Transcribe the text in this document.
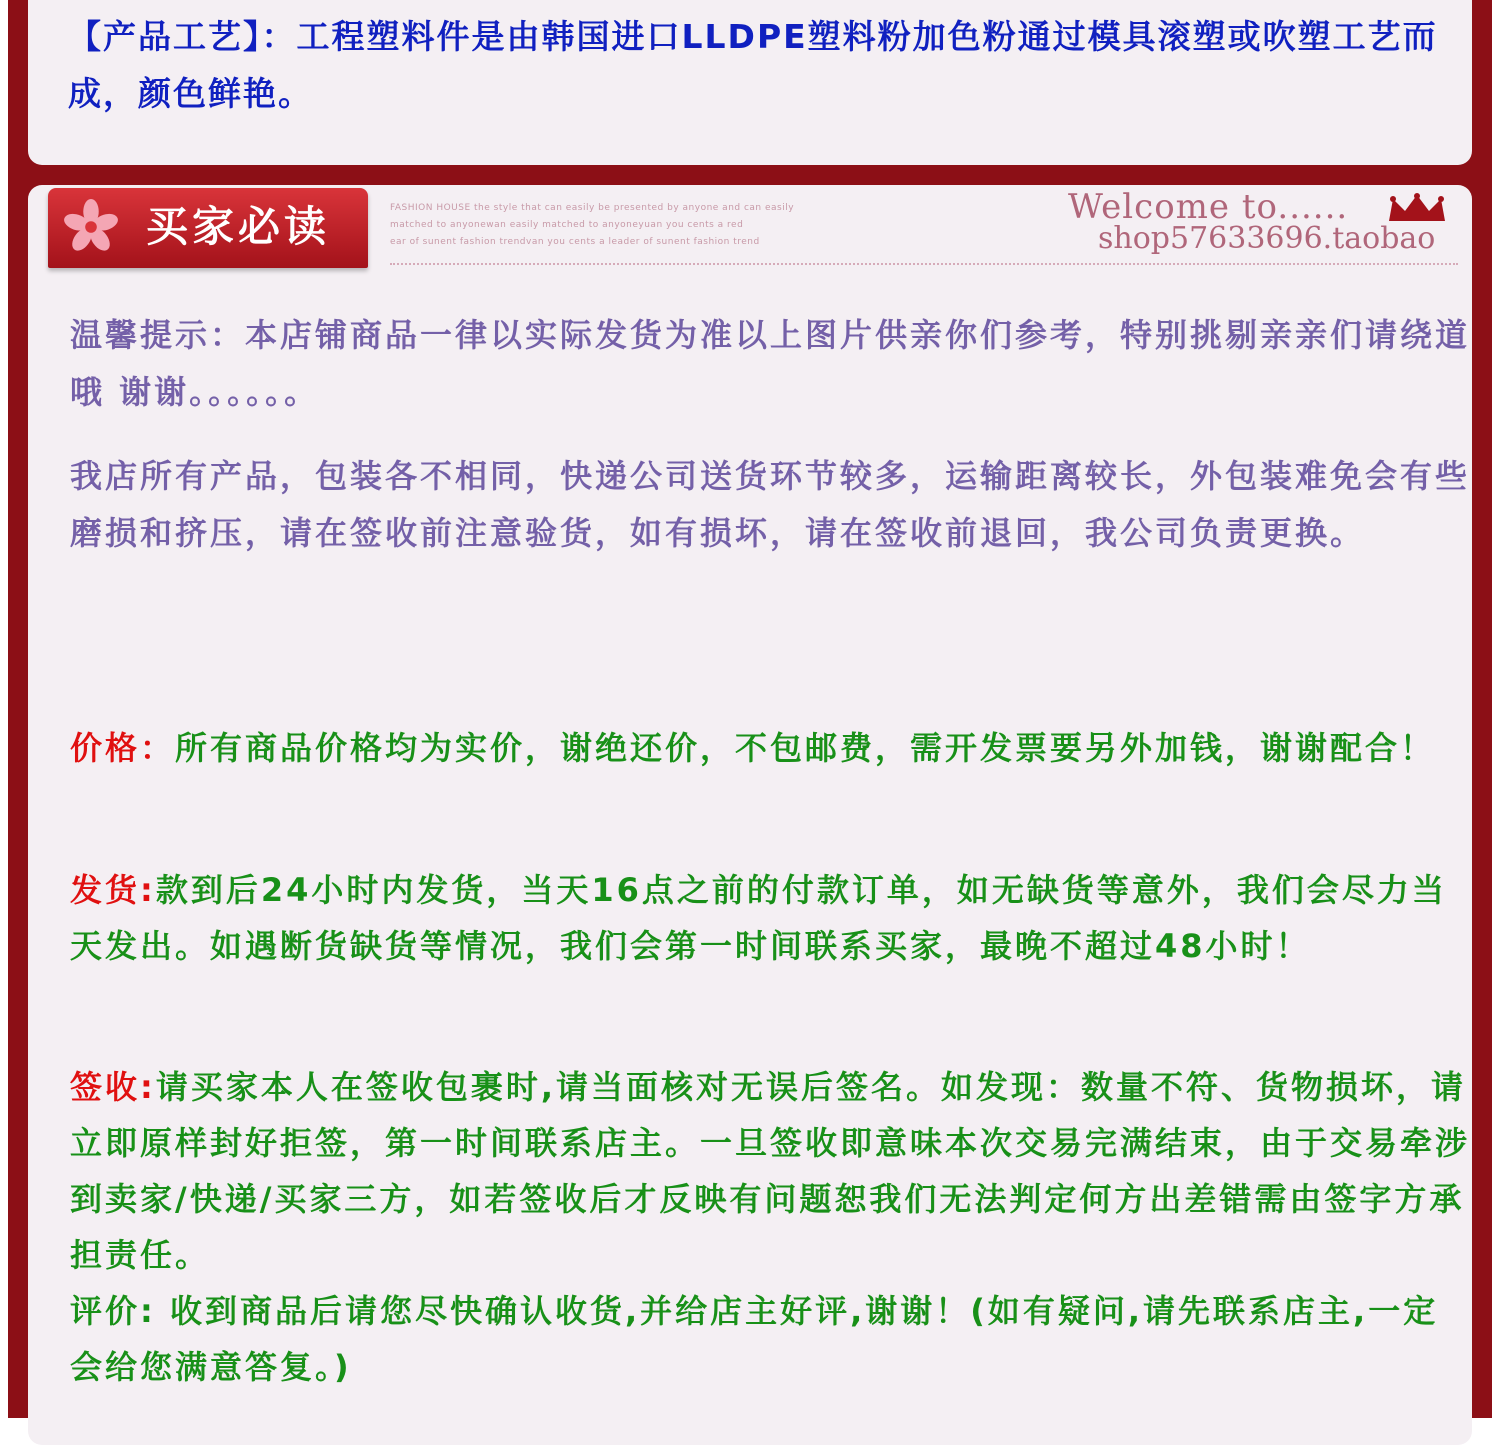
【产品工艺】：工程塑料件是由韩国进口LLDPE塑料粉加色粉通过模具滚塑或吹塑工艺而成，颜色鲜艳。

买家必读	FASHION HOUSE the style that can easily be presented by anyone and can easily
matched to anyonewan easily matched to anyoneyuan you cents a red
ear of sunent fashion trendvan you cents a leader of sunent fashion trend
Welcome to......
shop57633696.taobao

温馨提示：本店铺商品一律以实际发货为准以上图片供亲你们参考，特别挑剔亲亲们请绕道哦 谢谢。。。。。。

我店所有产品，包装各不相同，快递公司送货环节较多，运输距离较长，外包装难免会有些磨损和挤压，请在签收前注意验货，如有损坏，请在签收前退回，我公司负责更换。

价格：所有商品价格均为实价，谢绝还价，不包邮费，需开发票要另外加钱，谢谢配合！

发货:款到后24小时内发货，当天16点之前的付款订单，如无缺货等意外，我们会尽力当天发出。如遇断货缺货等情况，我们会第一时间联系买家，最晚不超过48小时！

签收:请买家本人在签收包裹时,请当面核对无误后签名。如发现：数量不符、货物损坏，请立即原样封好拒签，第一时间联系店主。一旦签收即意味本次交易完满结束，由于交易牵涉到卖家/快递/买家三方，如若签收后才反映有问题恕我们无法判定何方出差错需由签字方承担责任。

评价: 收到商品后请您尽快确认收货,并给店主好评,谢谢！(如有疑问,请先联系店主,一定会给您满意答复。)
